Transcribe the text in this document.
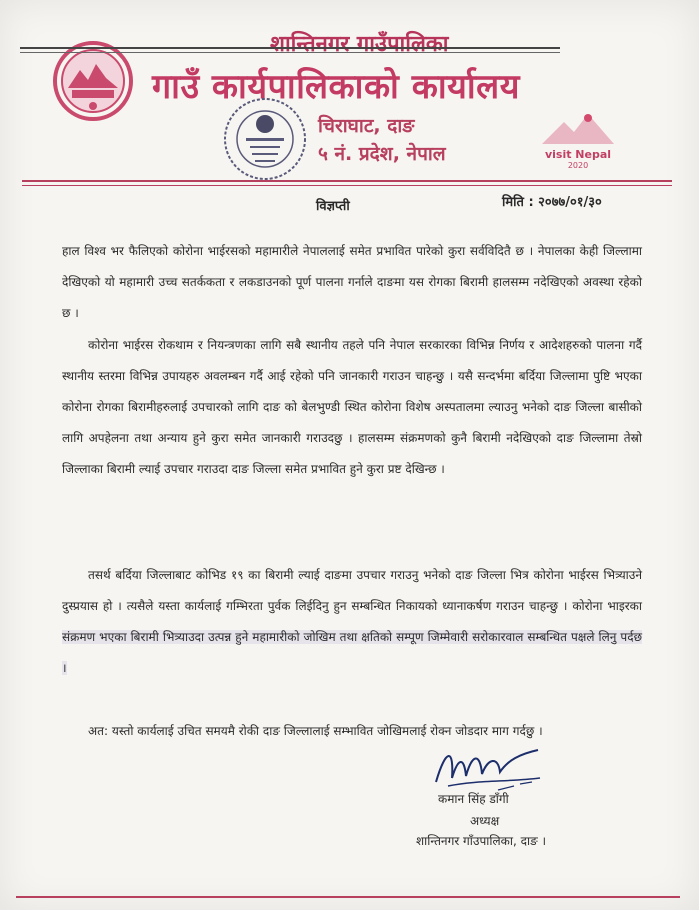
शान्तिनगर गाउँपालिका
गाउँ कार्यपालिकाको कार्यालय
चिराघाट, दाङ
५ नं. प्रदेश, नेपाल	visit Nepal
2020
विज्ञप्ती	मिति : २०७७/०१/३०
हाल विश्व भर फैलिएको कोरोना भाईरसको महामारीले नेपाललाई समेत प्रभावित पारेको कुरा सर्वविदितै छ । नेपालका केही जिल्लामा देखिएको यो महामारी उच्च सतर्ककता र लकडाउनको पूर्ण पालना गर्नाले दाङमा यस रोगका बिरामी हालसम्म नदेखिएको अवस्था रहेको छ ।
कोरोना भाईरस रोकथाम र नियन्त्रणका लागि सबै स्थानीय तहले पनि नेपाल सरकारका विभिन्न निर्णय र आदेशहरुको पालना गर्दै स्थानीय स्तरमा विभिन्न उपायहरु अवलम्बन गर्दै आई रहेको पनि जानकारी गराउन चाहन्छु । यसै सन्दर्भमा बर्दिया जिल्लामा पुष्टि भएका कोरोना रोगका बिरामीहरुलाई उपचारको लागि दाङ को बेलभुण्डी स्थित कोरोना विशेष अस्पतालमा ल्याउनु भनेको दाङ जिल्ला बासीको लागि अपहेलना तथा अन्याय हुने कुरा समेत जानकारी गराउदछु । हालसम्म संक्रमणको कुनै बिरामी नदेखिएको दाङ जिल्लामा तेस्रो जिल्लाका बिरामी ल्याई उपचार गराउदा दाङ जिल्ला समेत प्रभावित हुने कुरा प्रष्ट देखिन्छ ।
तसर्थ बर्दिया जिल्लाबाट कोभिड १९ का बिरामी ल्याई दाङमा उपचार गराउनु भनेको दाङ जिल्ला भित्र कोरोना भाईरस भित्र्याउने दुस्प्रयास हो । त्यसैले यस्ता कार्यलाई गम्भिरता पुर्वक लिईदिनु हुन सम्बन्धित निकायको ध्यानाकर्षण गराउन चाहन्छु । कोरोना भाइरका संक्रमण भएका बिरामी भित्र्याउदा उत्पन्न हुने महामारीको जोखिम तथा क्षतिको सम्पूण जिम्मेवारी सरोकारवाल सम्बन्धित पक्षले लिनु पर्दछ ।
अत: यस्तो कार्यलाई उचित समयमै रोकी दाङ जिल्लालाई सम्भावित जोखिमलाई रोक्न जोडदार माग गर्दछु ।
कमान सिंह डाँगी
अध्यक्ष
शान्तिनगर गाँउपालिका, दाङ ।
